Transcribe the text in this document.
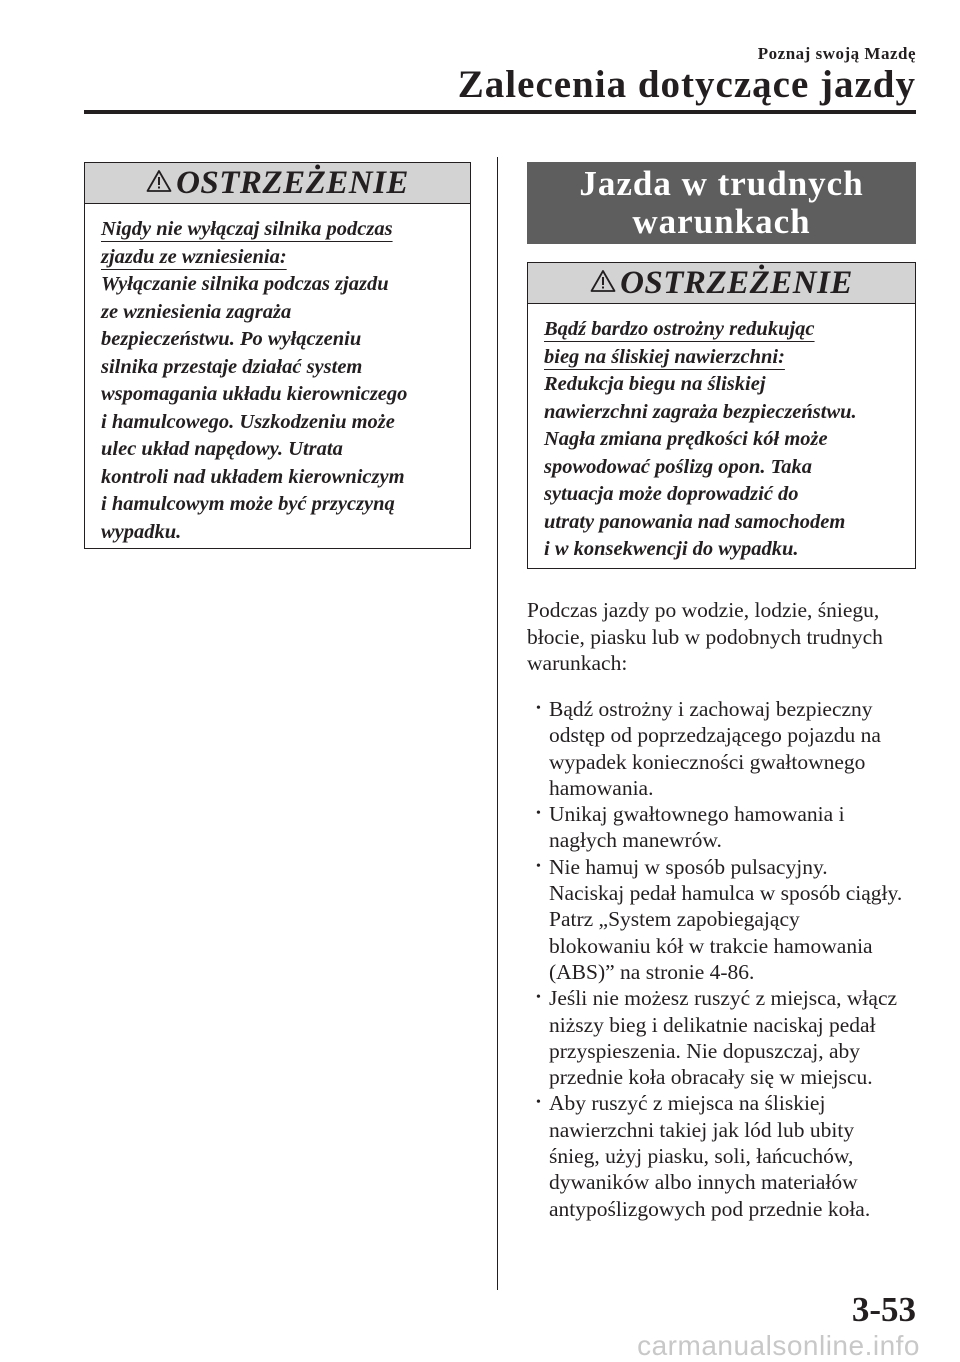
Poznaj swoją Mazdę
Zalecenia dotyczące jazdy
OSTRZEŻENIE

Nigdy nie wyłączaj silnika podczas

zjazdu ze wzniesienia:

Wyłączanie silnika podczas zjazdu

ze wzniesienia zagraża

bezpieczeństwu. Po wyłączeniu

silnika przestaje działać system

wspomagania układu kierowniczego

i hamulcowego. Uszkodzeniu może

ulec układ napędowy. Utrata

kontroli nad układem kierowniczym

i hamulcowym może być przyczyną

wypadku.

Jazda w trudnych
warunkach
OSTRZEŻENIE

Bądź bardzo ostrożny redukując

bieg na śliskiej nawierzchni:

Redukcja biegu na śliskiej

nawierzchni zagraża bezpieczeństwu.

Nagła zmiana prędkości kół może

spowodować poślizg opon. Taka

sytuacja może doprowadzić do

utraty panowania nad samochodem

i w konsekwencji do wypadku.

Podczas jazdy po wodzie, lodzie, śniegu,
błocie, piasku lub w podobnych trudnych
warunkach:
• Bądź ostrożny i zachowaj bezpieczny
odstęp od poprzedzającego pojazdu na
wypadek konieczności gwałtownego
hamowania.
• Unikaj gwałtownego hamowania i
nagłych manewrów.
• Nie hamuj w sposób pulsacyjny.
Naciskaj pedał hamulca w sposób ciągły.
Patrz „System zapobiegający
blokowaniu kół w trakcie hamowania
(ABS)” na stronie 4-86.
• Jeśli nie możesz ruszyć z miejsca, włącz
niższy bieg i delikatnie naciskaj pedał
przyspieszenia. Nie dopuszczaj, aby
przednie koła obracały się w miejscu.
• Aby ruszyć z miejsca na śliskiej
nawierzchni takiej jak lód lub ubity
śnieg, użyj piasku, soli, łańcuchów,
dywaników albo innych materiałów
antypoślizgowych pod przednie koła.
3-53
carmanualsonline.info
